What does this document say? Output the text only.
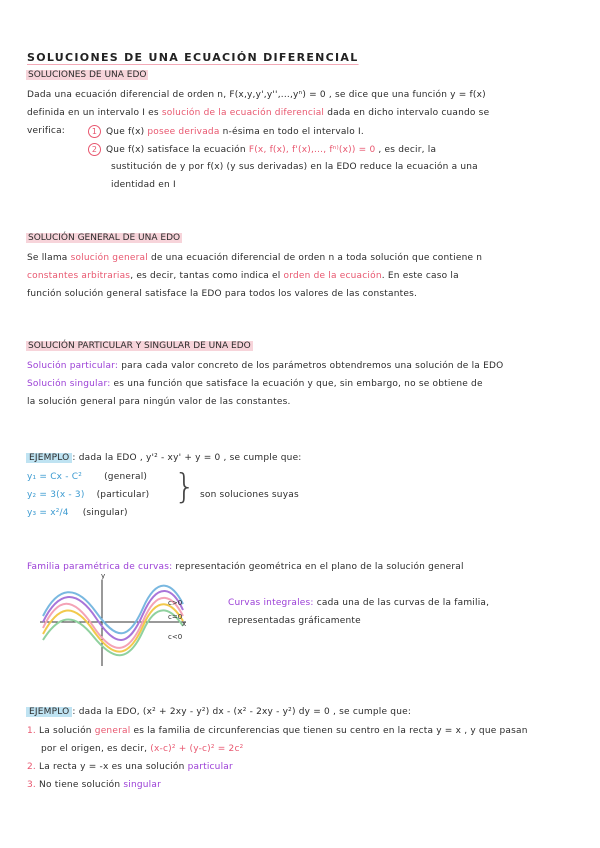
SOLUCIONES DE UNA ECUACIÓN DIFERENCIAL
SOLUCIONES DE UNA EDO
Dada una ecuación diferencial de orden n, F(x,y,y',y'',...,yⁿ) = 0 , se dice que una función y = f(x)
definida en un intervalo I es solución de la ecuación diferencial dada en dicho intervalo cuando se
verifica:	1 Que f(x) posee derivada n-ésima en todo el intervalo I.
2 Que f(x) satisface la ecuación F(x, f(x), f'(x),..., fⁿ⁾(x)) = 0 , es decir, la
sustitución de y por f(x) (y sus derivadas) en la EDO reduce la ecuación a una
identidad en I
SOLUCIÓN GENERAL DE UNA EDO
Se llama solución general de una ecuación diferencial de orden n a toda solución que contiene n
constantes arbitrarias, es decir, tantas como indica el orden de la ecuación. En este caso la
función solución general satisface la EDO para todos los valores de las constantes.
SOLUCIÓN PARTICULAR Y SINGULAR DE UNA EDO
Solución particular: para cada valor concreto de los parámetros obtendremos una solución de la EDO
Solución singular: es una función que satisface la ecuación y que, sin embargo, no se obtiene de
la solución general para ningún valor de las constantes.
EJEMPLO : dada la EDO , y'² - xy' + y = 0 , se cumple que:
y₁ = Cx - C² (general)
y₂ = 3(x - 3) (particular)
y₃ = x²/4 (singular)
} son soluciones suyas
Familia paramétrica de curvas: representación geométrica en el plano de la solución general
y
c>0
c=0
x
c<0
Curvas integrales: cada una de las curvas de la familia,
representadas gráficamente
EJEMPLO : dada la EDO, (x² + 2xy - y²) dx - (x² - 2xy - y²) dy = 0 , se cumple que:
1. La solución general es la familia de circunferencias que tienen su centro en la recta y = x , y que pasan
por el origen, es decir, (x-c)² + (y-c)² = 2c²
2. La recta y = -x es una solución particular
3. No tiene solución singular
